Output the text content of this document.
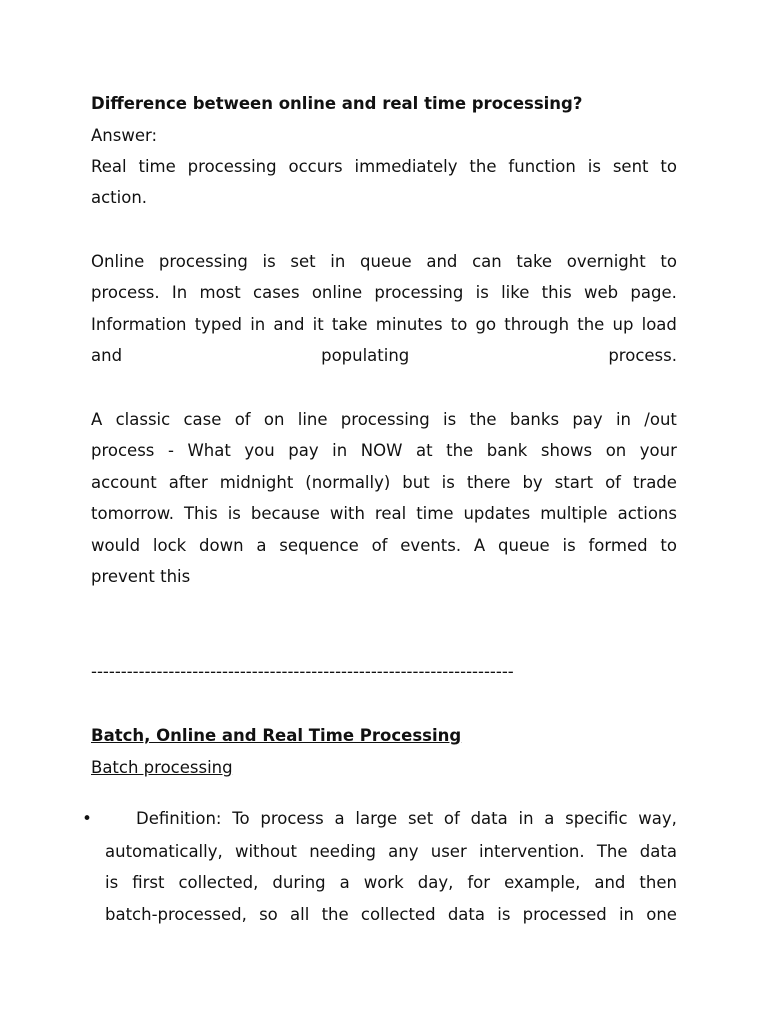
Difference between online and real time processing?
Answer:
Real time processing occurs immediately the function is sent to
action.
Online processing is set in queue and can take overnight to
process. In most cases online processing is like this web page.
Information typed in and it take minutes to go through the up load
and	populating	process.
A classic case of on line processing is the banks pay in /out
process - What you pay in NOW at the bank shows on your
account after midnight (normally) but is there by start of trade
tomorrow. This is because with real time updates multiple actions
would lock down a sequence of events. A queue is formed to
prevent this
-----------------------------------------------------------------------
Batch, Online and Real Time Processing
Batch processing
•	Definition: To process a large set of data in a specific way,
automatically, without needing any user intervention. The data
is first collected, during a work day, for example, and then
batch-processed, so all the collected data is processed in one
